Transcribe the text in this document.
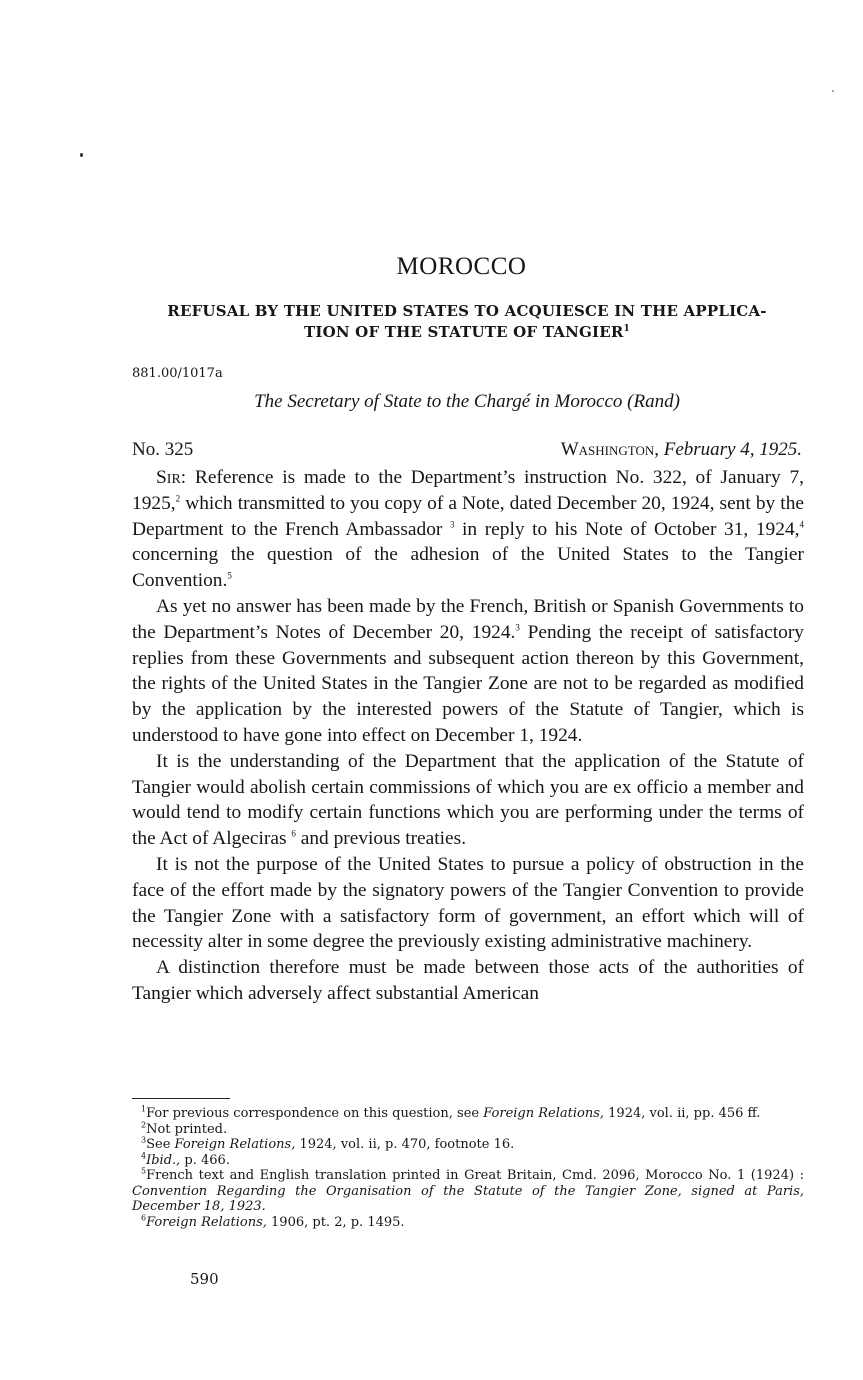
MOROCCO
REFUSAL BY THE UNITED STATES TO ACQUIESCE IN THE APPLICA-
TION OF THE STATUTE OF TANGIER$^1$
881.00/1017a
The Secretary of State to the Chargé in Morocco (Rand)
No. 325	Washington, February 4, 1925.

Sir: Reference is made to the Department’s instruction No. 322, of January 7, 1925,$^2$ which transmitted to you copy of a Note, dated December 20, 1924, sent by the Department to the French Ambassador $^3$ in reply to his Note of October 31, 1924,$^4$ concerning the question of the adhesion of the United States to the Tangier Convention.$^5$

As yet no answer has been made by the French, British or Spanish Governments to the Department’s Notes of December 20, 1924.$^3$ Pending the receipt of satisfactory replies from these Governments and subsequent action thereon by this Government, the rights of the United States in the Tangier Zone are not to be regarded as modified by the application by the interested powers of the Statute of Tangier, which is understood to have gone into effect on December 1, 1924.

It is the understanding of the Department that the application of the Statute of Tangier would abolish certain commissions of which you are ex officio a member and would tend to modify certain functions which you are performing under the terms of the Act of Algeciras $^6$ and previous treaties.

It is not the purpose of the United States to pursue a policy of obstruction in the face of the effort made by the signatory powers of the Tangier Convention to provide the Tangier Zone with a satisfactory form of government, an effort which will of necessity alter in some degree the previously existing administrative machinery.

A distinction therefore must be made between those acts of the authorities of Tangier which adversely affect substantial American

$^1$For previous correspondence on this question, see Foreign Relations, 1924, vol. ii, pp. 456 ff.

$^2$Not printed.

$^3$See Foreign Relations, 1924, vol. ii, p. 470, footnote 16.

$^4$Ibid., p. 466.

$^5$French text and English translation printed in Great Britain, Cmd. 2096, Morocco No. 1 (1924) : Convention Regarding the Organisation of the Statute of the Tangier Zone, signed at Paris, December 18, 1923.

$^6$Foreign Relations, 1906, pt. 2, p. 1495.

590
